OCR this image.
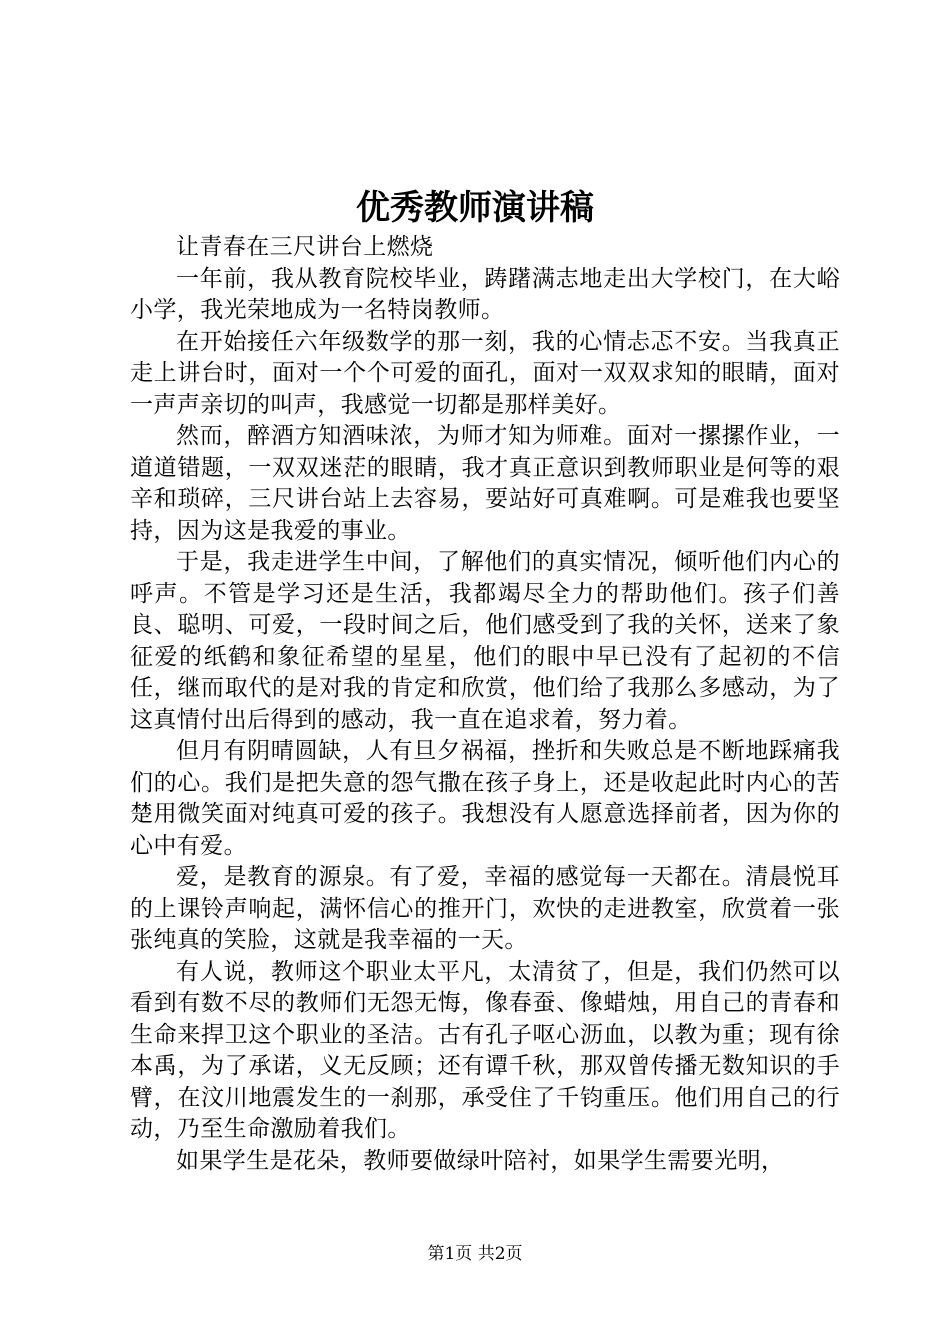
优秀教师演讲稿

让青春在三尺讲台上燃烧

一年前，我从教育院校毕业，踌躇满志地走出大学校门，在大峪小学，我光荣地成为一名特岗教师。

在开始接任六年级数学的那一刻，我的心情忐忑不安。当我真正走上讲台时，面对一个个可爱的面孔，面对一双双求知的眼睛，面对一声声亲切的叫声，我感觉一切都是那样美好。

然而，醉酒方知酒味浓，为师才知为师难。面对一摞摞作业，一道道错题，一双双迷茫的眼睛，我才真正意识到教师职业是何等的艰辛和琐碎，三尺讲台站上去容易，要站好可真难啊。可是难我也要坚持，因为这是我爱的事业。

于是，我走进学生中间，了解他们的真实情况，倾听他们内心的呼声。不管是学习还是生活，我都竭尽全力的帮助他们。孩子们善良、聪明、可爱，一段时间之后，他们感受到了我的关怀，送来了象征爱的纸鹤和象征希望的星星，他们的眼中早已没有了起初的不信任，继而取代的是对我的肯定和欣赏，他们给了我那么多感动，为了这真情付出后得到的感动，我一直在追求着，努力着。

但月有阴晴圆缺，人有旦夕祸福，挫折和失败总是不断地踩痛我们的心。我们是把失意的怨气撒在孩子身上，还是收起此时内心的苦楚用微笑面对纯真可爱的孩子。我想没有人愿意选择前者，因为你的心中有爱。

爱，是教育的源泉。有了爱，幸福的感觉每一天都在。清晨悦耳的上课铃声响起，满怀信心的推开门，欢快的走进教室，欣赏着一张张纯真的笑脸，这就是我幸福的一天。

有人说，教师这个职业太平凡，太清贫了，但是，我们仍然可以看到有数不尽的教师们无怨无悔，像春蚕、像蜡烛，用自己的青春和生命来捍卫这个职业的圣洁。古有孔子呕心沥血，以教为重；现有徐本禹，为了承诺，义无反顾；还有谭千秋，那双曾传播无数知识的手臂，在汶川地震发生的一刹那，承受住了千钧重压。他们用自己的行动，乃至生命激励着我们。

如果学生是花朵，教师要做绿叶陪衬，如果学生需要光明，

第1页 共2页
